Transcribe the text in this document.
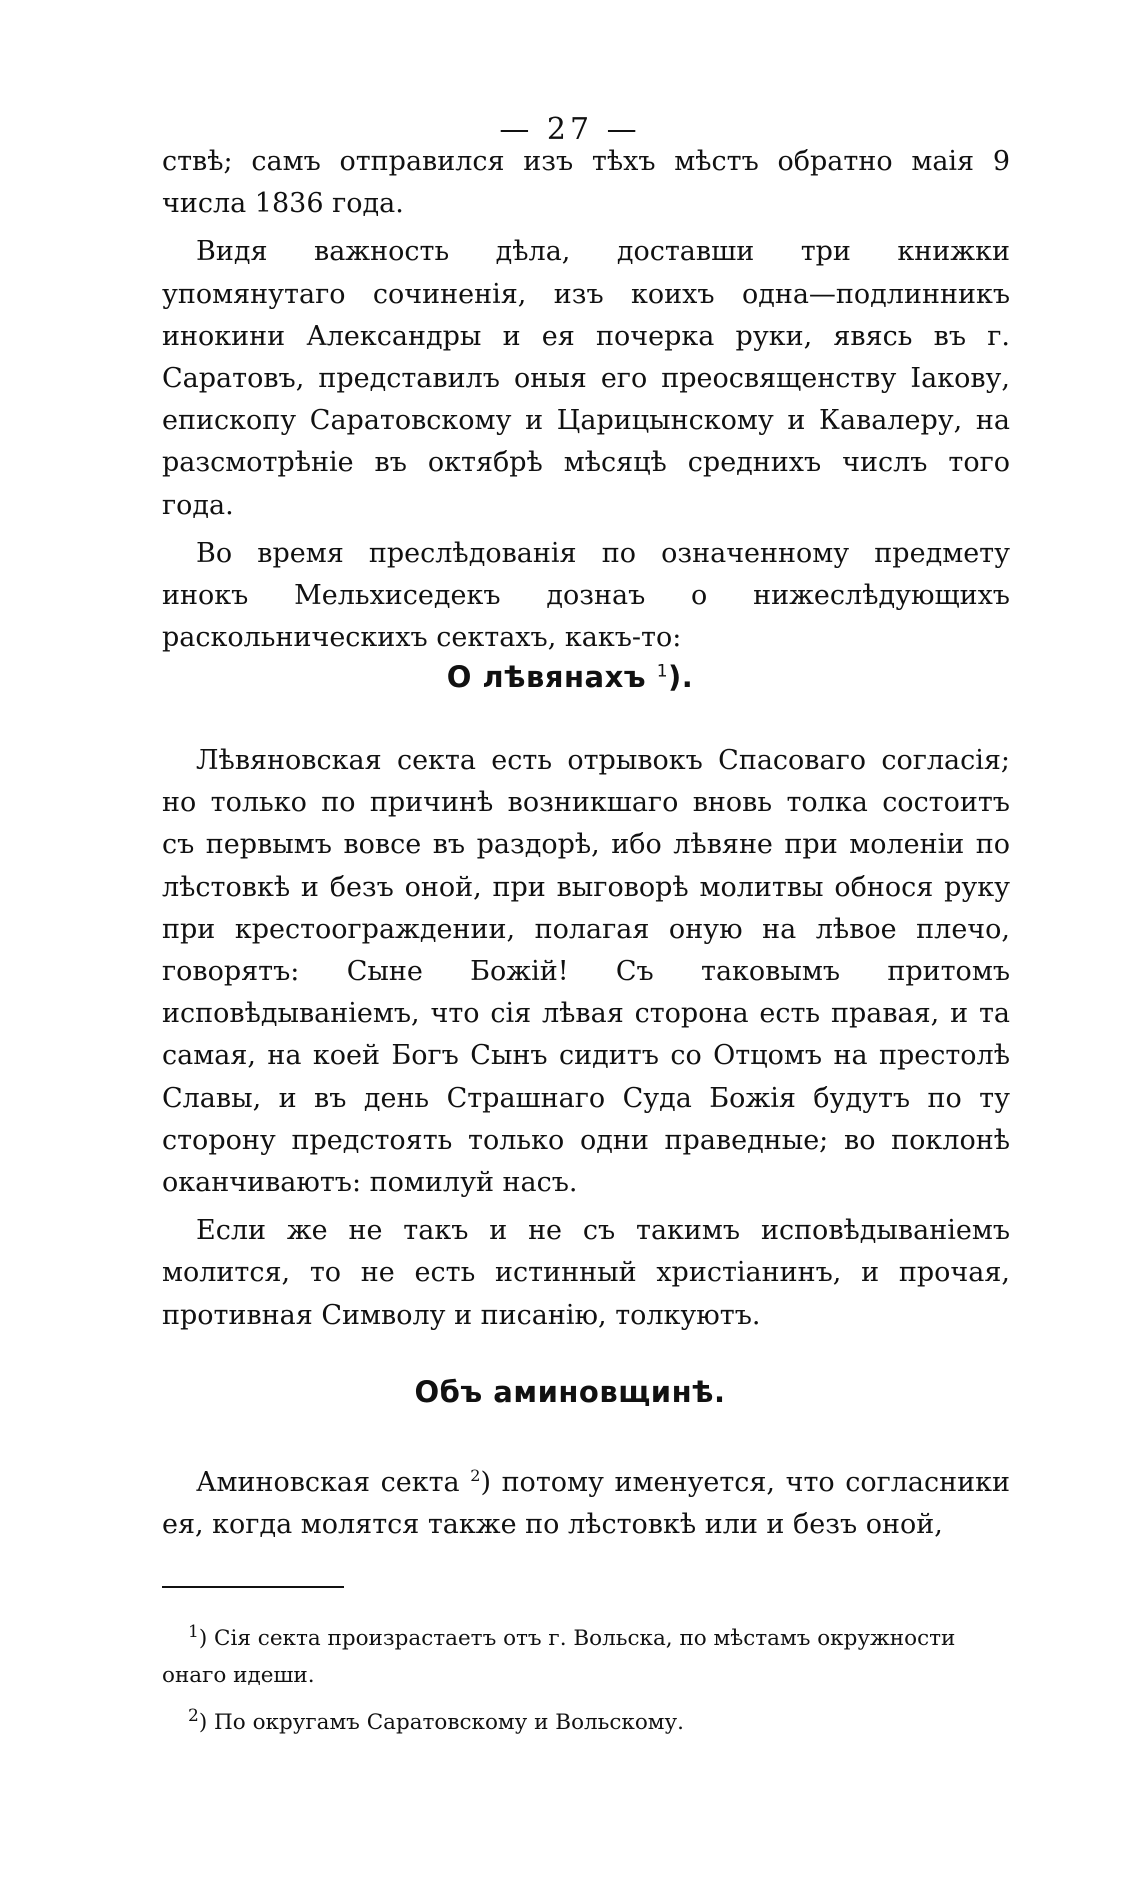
— 27 —

ствѣ; самъ отправился изъ тѣхъ мѣстъ обратно маія 9 числа 1836 года.

Видя важность дѣла, доставши три книжки упомянутаго сочиненія, изъ коихъ одна—подлинникъ инокини Александры и ея почерка руки, явясь въ г. Саратовъ, представилъ оныя его преосвященству Іакову, епископу Саратовскому и Царицынскому и Кавалеру, на разсмотрѣніе въ октябрѣ мѣсяцѣ среднихъ числъ того года.

Во время преслѣдованія по означенному предмету инокъ Мельхиседекъ дознаъ о нижеслѣдующихъ раскольническихъ сектахъ, какъ-то:

О лѣвянахъ $^1$).

Лѣвяновская секта есть отрывокъ Спасоваго согласія; но только по причинѣ возникшаго вновь толка состоитъ съ первымъ вовсе въ раздорѣ, ибо лѣвяне при моленіи по лѣстовкѣ и безъ оной, при выговорѣ молитвы обнося руку при крестоограждении, полагая оную на лѣвое плечо, говорятъ: Сыне Божій! Съ таковымъ притомъ исповѣдываніемъ, что сія лѣвая сторона есть правая, и та самая, на коей Богъ Сынъ сидитъ со Отцомъ на престолѣ Славы, и въ день Страшнаго Суда Божія будутъ по ту сторону предстоять только одни праведные; во поклонѣ оканчиваютъ: помилуй насъ.

Если же не такъ и не съ такимъ исповѣдываніемъ молится, то не есть истинный христіанинъ, и прочая, противная Символу и писанію, толкуютъ.

Объ аминовщинѣ.

Аминовская секта $^2$) потому именуется, что согласники ея, когда молятся также по лѣстовкѣ или и безъ оной,

$^1$) Сія секта произрастаетъ отъ г. Вольска, по мѣстамъ окружности онаго идеши.

$^2$) По округамъ Саратовскому и Вольскому.
